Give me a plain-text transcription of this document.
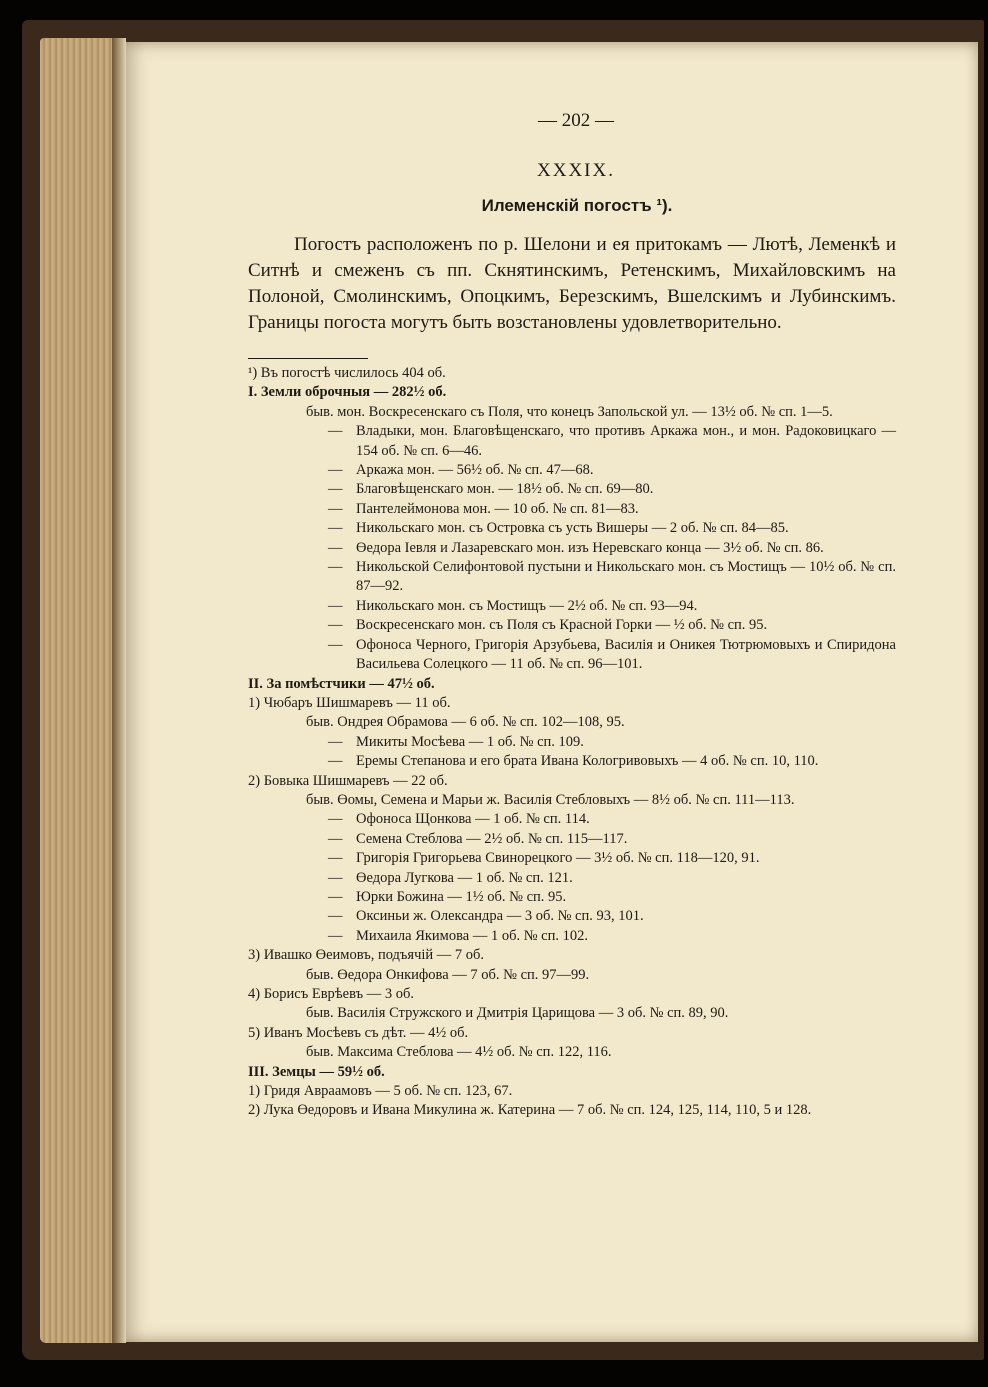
— 202 —
XXXIX.
Илеменскій погостъ ¹).
Погостъ расположенъ по р. Шелони и ея притокамъ — Лютѣ, Леменкѣ и Ситнѣ и смеженъ съ пп. Скнятинскимъ, Ретенскимъ, Михайловскимъ на Полоной, Смолинскимъ, Опоцкимъ, Березскимъ, Вшелскимъ и Лубинскимъ. Границы погоста могутъ быть возстановлены удовлетворительно.
¹) Въ погостѣ числилось 404 об.
I. Земли оброчныя — 282½ об.
быв. мон. Воскресенскаго съ Поля, что конецъ Запольской ул. — 13½ об. № сп. 1—5.
— Владыки, мон. Благовѣщенскаго, что противъ Аркажа мон., и мон. Радоковицкаго — 154 об. № сп. 6—46.
— Аркажа мон. — 56½ об. № сп. 47—68.
— Благовѣщенскаго мон. — 18½ об. № сп. 69—80.
— Пантелеймонова мон. — 10 об. № сп. 81—83.
— Никольскаго мон. съ Островка съ усть Вишеры — 2 об. № сп. 84—85.
— Өедора Іевля и Лазаревскаго мон. изъ Неревскаго конца — 3½ об. № сп. 86.
— Никольской Селифонтовой пустыни и Никольскаго мон. съ Мостищъ — 10½ об. № сп. 87—92.
— Никольскаго мон. съ Мостищъ — 2½ об. № сп. 93—94.
— Воскресенскаго мон. съ Поля съ Красной Горки — ½ об. № сп. 95.
— Офоноса Черного, Григорія Арзубьева, Василія и Оникея Тютрюмовыхъ и Спиридона Васильева Солецкого — 11 об. № сп. 96—101.
II. За помѣстчики — 47½ об.
1) Чюбаръ Шишмаревъ — 11 об.
быв. Ондрея Обрамова — 6 об. № сп. 102—108, 95.
— Микиты Мосѣева — 1 об. № сп. 109.
— Еремы Степанова и его брата Ивана Кологривовыхъ — 4 об. № сп. 10, 110.
2) Бовыка Шишмаревъ — 22 об.
быв. Өомы, Семена и Марьи ж. Василія Стебловыхъ — 8½ об. № сп. 111—113.
— Офоноса Щонкова — 1 об. № сп. 114.
— Семена Стеблова — 2½ об. № сп. 115—117.
— Григорія Григорьева Свинорецкого — 3½ об. № сп. 118—120, 91.
— Өедора Лугкова — 1 об. № сп. 121.
— Юрки Божина — 1½ об. № сп. 95.
— Оксиньи ж. Олександра — 3 об. № сп. 93, 101.
— Михаила Якимова — 1 об. № сп. 102.
3) Ивашко Өеимовъ, подъячій — 7 об.
быв. Өедора Онкифова — 7 об. № сп. 97—99.
4) Борисъ Еврѣевъ — 3 об.
быв. Василія Стружского и Дмитрія Царищова — 3 об. № сп. 89, 90.
5) Иванъ Мосѣевъ съ дѣт. — 4½ об.
быв. Максима Стеблова — 4½ об. № сп. 122, 116.
III. Земцы — 59½ об.
1) Гридя Авраамовъ — 5 об. № сп. 123, 67.
2) Лука Өедоровъ и Ивана Микулина ж. Катерина — 7 об. № сп. 124, 125, 114, 110, 5 и 128.
